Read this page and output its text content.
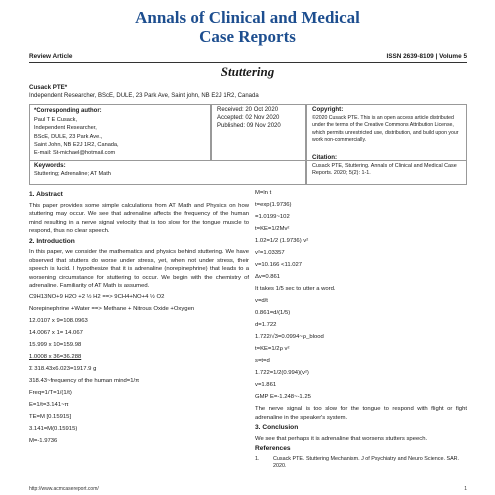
Annals of Clinical and Medical
Case Reports
Review Article	ISSN 2639-8109 | Volume 5
Stuttering
Cusack PTE*
Independent Researcher, BScE, DULE, 23 Park Ave, Saint john, NB E2J 1R2, Canada
*Corresponding author:
Paul T E Cusack,
Independent Researcher,
BScE, DULE, 23 Park Ave.,
Saint John, NB E2J 1R2, Canada,
E-mail: St-michael@hotmail.com
Received: 20 Oct 2020
Accepted: 02 Nov 2020
Published: 09 Nov 2020
Copyright:
©2020 Cusack PTE. This is an open access article distributed under the terms of the Creative Commons Attribution License, which permits unrestricted use, distribution, and build upon your work non-commercially.
Keywords:
Stuttering; Adrenaline; AT Math
Citation:
Cusack PTE, Stuttering. Annals of Clinical and Medical Case Reports. 2020; 5(2): 1-1.
1. Abstract

This paper provides some simple calculations from AT Math and Physics on how stuttering may occur. We see that adrenaline affects the frequency of the human mind resulting in a nerve signal velocity that is too slow for the tongue muscle to respond, thus no clear speech.

2. Introduction

In this paper, we consider the mathematics and physics behind stuttering. We have observed that stutters do worse under stress, yet, when not under stress, their speech is lucid. I hypothesize that it is adrenaline (norepinephrine) that leads to a worsening circumstance for stuttering to occur. We begin with the chemistry of adrenaline. Familiarity of AT Math is assumed.

C9H13NO+9 H2O +2 ½ H2 ==> 9CH4+NO+4 ½ O2

Norepinephrine +Water ==> Methane + Nitrous Oxide +Oxygen

12.0107 x 9=108.0963

14.0067 x 1= 14.067

15.999 x 10=159.98

1.0008 x 36=36.288

Σ 318.43x6.023=1917.9 g

318.43~frequency of the human mind=1/π

Freq=1/T=1/(1/t)

E=1/t=3.141~π

TE=M [0.15915]

3.141=M(0.15915)

M=-1.9736

M=ln t

t=exp(1.9736)

=1.0199~102

t=KE=1/2Mv²

1.02=1/2 (1.9736) v²

v²=1.03357

v=10.166 <11.027

Δv=0.861

It takes 1/5 sec to utter a word.

v=d/t

0.861=d/(1/5)

d=1.722

1.722/√3=0.0994~ρ_blood

t=KE=1/2ρ v²

s=t=d

1.722=1/2(0.994)(v²)

v=1.861

GMP E=-1.248~-1.25

The nerve signal is too slow for the tongue to respond with flight or fight adrenaline in the speaker's system.

3. Conclusion

We see that perhaps it is adrenaline that worsens stutters speech.

References
1.	Cusack PTE. Stuttering Mechanism. J of Psychiatry and Neuro Science. SAR. 2020.
http://www.acmcasereport.com/	1
